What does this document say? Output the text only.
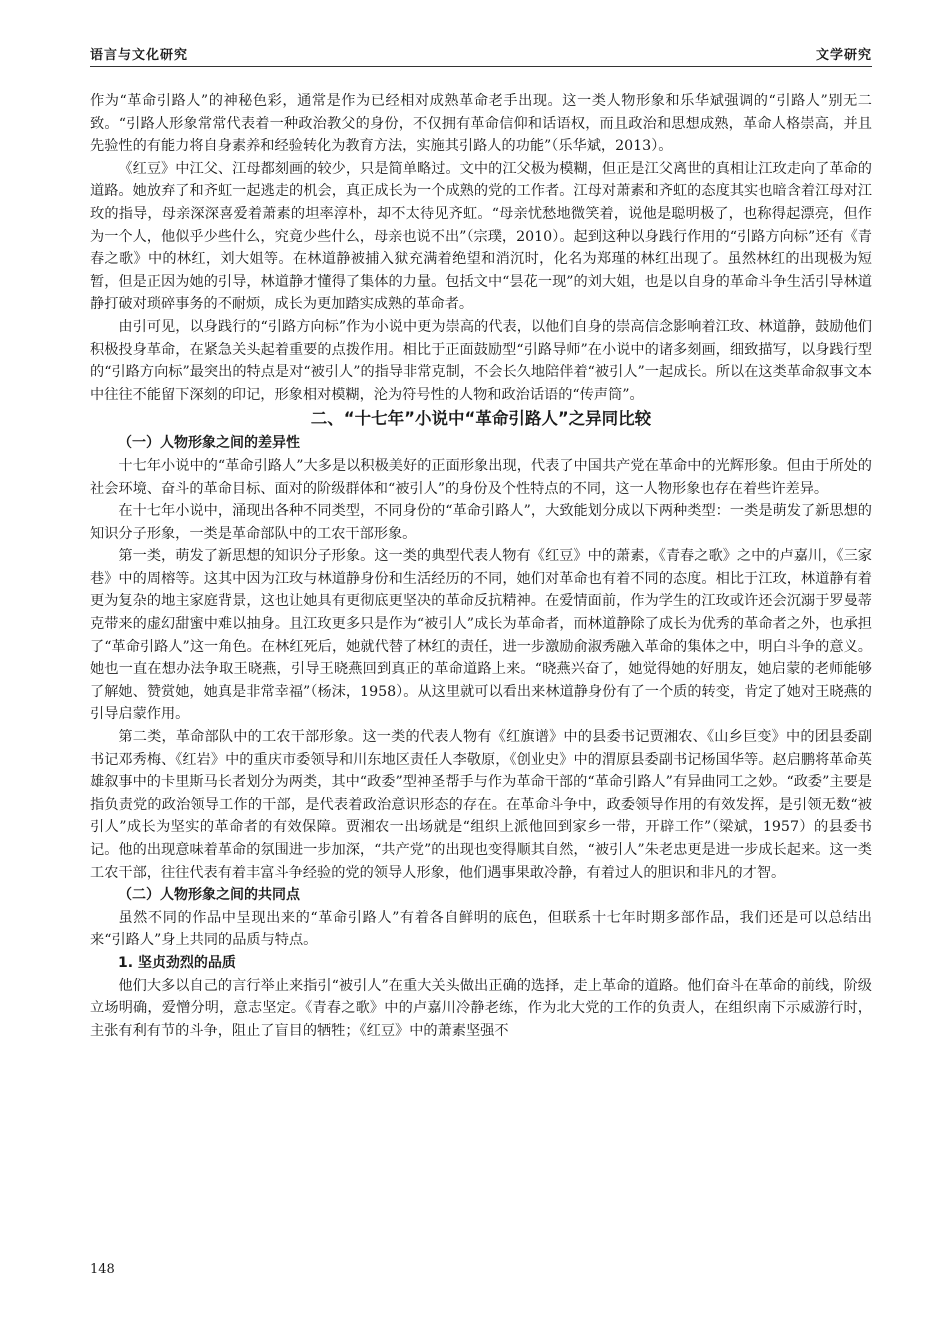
语言与文化研究	文学研究

作为“革命引路人”的神秘色彩，通常是作为已经相对成熟革命老手出现。这一类人物形象和乐华斌强调的“引路人”别无二致。“引路人形象常常代表着一种政治教父的身份，不仅拥有革命信仰和话语权，而且政治和思想成熟，革命人格崇高，并且先验性的有能力将自身素养和经验转化为教育方法，实施其引路人的功能”（乐华斌，2013）。

《红豆》中江父、江母都刻画的较少，只是简单略过。文中的江父极为模糊，但正是江父离世的真相让江玫走向了革命的道路。她放弃了和齐虹一起逃走的机会，真正成长为一个成熟的党的工作者。江母对萧素和齐虹的态度其实也暗含着江母对江玫的指导，母亲深深喜爱着萧素的坦率淳朴，却不太待见齐虹。“母亲忧愁地微笑着，说他是聪明极了，也称得起漂亮，但作为一个人，他似乎少些什么，究竟少些什么，母亲也说不出”（宗璞，2010）。起到这种以身践行作用的“引路方向标”还有《青春之歌》中的林红，刘大姐等。在林道静被捕入狱充满着绝望和消沉时，化名为郑瑾的林红出现了。虽然林红的出现极为短暂，但是正因为她的引导，林道静才懂得了集体的力量。包括文中“昙花一现”的刘大姐，也是以自身的革命斗争生活引导林道静打破对琐碎事务的不耐烦，成长为更加踏实成熟的革命者。

由引可见，以身践行的“引路方向标”作为小说中更为崇高的代表，以他们自身的崇高信念影响着江玫、林道静，鼓励他们积极投身革命，在紧急关头起着重要的点拨作用。相比于正面鼓励型“引路导师”在小说中的诸多刻画，细致描写，以身践行型的“引路方向标”最突出的特点是对“被引人”的指导非常克制，不会长久地陪伴着“被引人”一起成长。所以在这类革命叙事文本中往往不能留下深刻的印记，形象相对模糊，沦为符号性的人物和政治话语的“传声筒”。

二、“十七年”小说中“革命引路人”之异同比较

（一）人物形象之间的差异性

十七年小说中的“革命引路人”大多是以积极美好的正面形象出现，代表了中国共产党在革命中的光辉形象。但由于所处的社会环境、奋斗的革命目标、面对的阶级群体和“被引人”的身份及个性特点的不同，这一人物形象也存在着些许差异。

在十七年小说中，涌现出各种不同类型，不同身份的“革命引路人”，大致能划分成以下两种类型：一类是萌发了新思想的知识分子形象，一类是革命部队中的工农干部形象。

第一类，萌发了新思想的知识分子形象。这一类的典型代表人物有《红豆》中的萧素，《青春之歌》之中的卢嘉川，《三家巷》中的周榕等。这其中因为江玫与林道静身份和生活经历的不同，她们对革命也有着不同的态度。相比于江玫，林道静有着更为复杂的地主家庭背景，这也让她具有更彻底更坚决的革命反抗精神。在爱情面前，作为学生的江玫或许还会沉溺于罗曼蒂克带来的虚幻甜蜜中难以抽身。且江玫更多只是作为“被引人”成长为革命者，而林道静除了成长为优秀的革命者之外，也承担了“革命引路人”这一角色。在林红死后，她就代替了林红的责任，进一步激励俞淑秀融入革命的集体之中，明白斗争的意义。她也一直在想办法争取王晓燕，引导王晓燕回到真正的革命道路上来。“晓燕兴奋了，她觉得她的好朋友，她启蒙的老师能够了解她、赞赏她，她真是非常幸福”（杨沫，1958）。从这里就可以看出来林道静身份有了一个质的转变，肯定了她对王晓燕的引导启蒙作用。

第二类，革命部队中的工农干部形象。这一类的代表人物有《红旗谱》中的县委书记贾湘农、《山乡巨变》中的团县委副书记邓秀梅、《红岩》中的重庆市委领导和川东地区责任人李敬原，《创业史》中的渭原县委副书记杨国华等。赵启鹏将革命英雄叙事中的卡里斯马长者划分为两类，其中“政委”型神圣帮手与作为革命干部的“革命引路人”有异曲同工之妙。“政委”主要是指负责党的政治领导工作的干部，是代表着政治意识形态的存在。在革命斗争中，政委领导作用的有效发挥，是引领无数“被引人”成长为坚实的革命者的有效保障。贾湘农一出场就是“组织上派他回到家乡一带，开辟工作”（梁斌，1957）的县委书记。他的出现意味着革命的氛围进一步加深，“共产党”的出现也变得顺其自然，“被引人”朱老忠更是进一步成长起来。这一类工农干部，往往代表有着丰富斗争经验的党的领导人形象，他们遇事果敢冷静，有着过人的胆识和非凡的才智。

（二）人物形象之间的共同点

虽然不同的作品中呈现出来的“革命引路人”有着各自鲜明的底色，但联系十七年时期多部作品，我们还是可以总结出来“引路人”身上共同的品质与特点。

1. 坚贞劲烈的品质

他们大多以自己的言行举止来指引“被引人”在重大关头做出正确的选择，走上革命的道路。他们奋斗在革命的前线，阶级立场明确，爱憎分明，意志坚定。《青春之歌》中的卢嘉川冷静老练，作为北大党的工作的负责人，在组织南下示威游行时，主张有利有节的斗争，阻止了盲目的牺牲；《红豆》中的萧素坚强不

148
